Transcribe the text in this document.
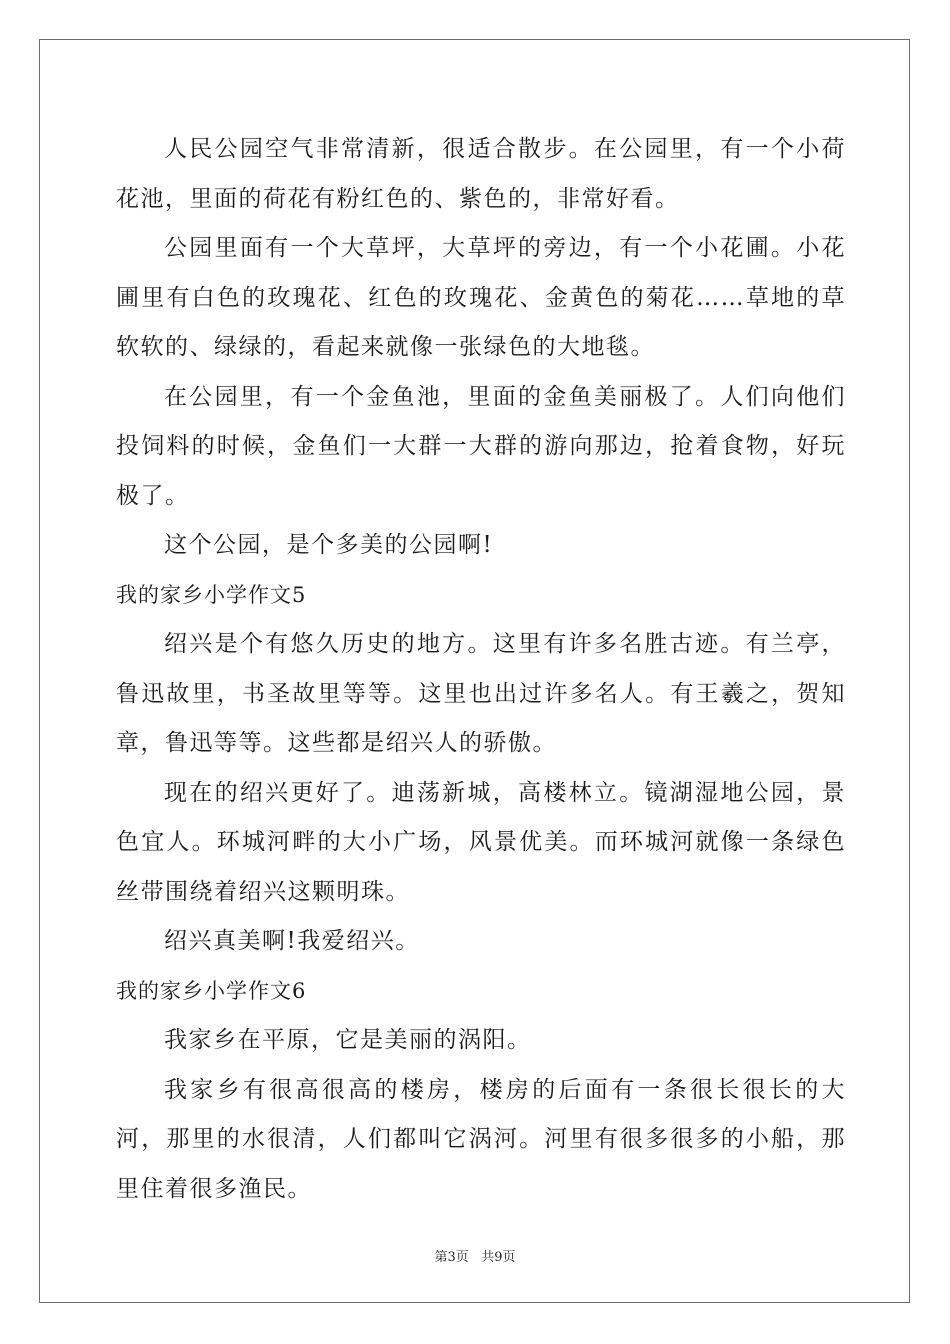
人民公园空气非常清新，很适合散步。在公园里，有一个小荷花池，里面的荷花有粉红色的、紫色的，非常好看。

公园里面有一个大草坪，大草坪的旁边，有一个小花圃。小花圃里有白色的玫瑰花、红色的玫瑰花、金黄色的菊花……草地的草软软的、绿绿的，看起来就像一张绿色的大地毯。

在公园里，有一个金鱼池，里面的金鱼美丽极了。人们向他们投饲料的时候，金鱼们一大群一大群的游向那边，抢着食物，好玩极了。

这个公园，是个多美的公园啊!

我的家乡小学作文5

绍兴是个有悠久历史的地方。这里有许多名胜古迹。有兰亭，鲁迅故里，书圣故里等等。这里也出过许多名人。有王羲之，贺知章，鲁迅等等。这些都是绍兴人的骄傲。

现在的绍兴更好了。迪荡新城，高楼林立。镜湖湿地公园，景色宜人。环城河畔的大小广场，风景优美。而环城河就像一条绿色丝带围绕着绍兴这颗明珠。

绍兴真美啊!我爱绍兴。

我的家乡小学作文6

我家乡在平原，它是美丽的涡阳。

我家乡有很高很高的楼房，楼房的后面有一条很长很长的大河，那里的水很清，人们都叫它涡河。河里有很多很多的小船，那里住着很多渔民。

第3页 共9页
